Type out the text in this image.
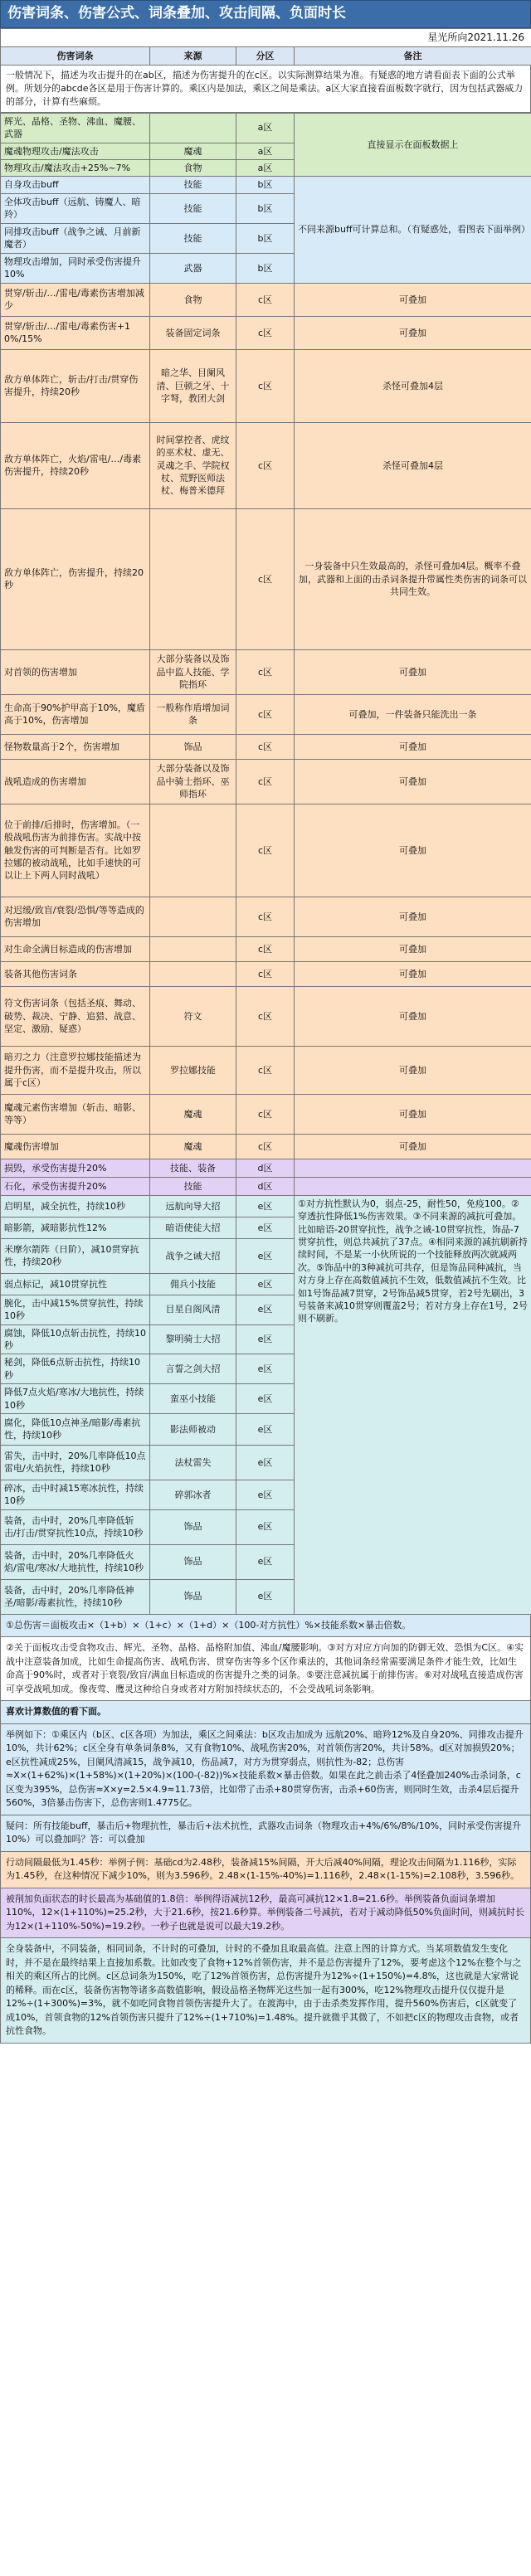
伤害词条、伤害公式、词条叠加、攻击间隔、负面时长
星光所向2021.11.26
伤害词条	来源	分区	备注
一般情况下，描述为攻击提升的在ab区，描述为伤害提升的在c区。以实际测算结果为准。有疑惑的地方请看面表下面的公式举例。所划分的abcde各区是用于伤害计算的。乘区内是加法，乘区之间是乘法。a区大家直接看面板数字就行，因为包括武器威力的部分，计算有些麻烦。
辉光、晶格、圣物、沸血、魔腰、武器		a区	直接显示在面板数据上
魔魂物理攻击/魔法攻击	魔魂	a区	
物理攻击/魔法攻击+25%~7%	食物	a区	
自身攻击buff	技能	b区	不同来源buff可计算总和。（有疑惑处，看图表下面举例）
全体攻击buff（远航、铸魔人、暗羚）	技能	b区	
同排攻击buff（战争之诫、月前新魔者）	技能	b区	
物理攻击增加，同时承受伤害提升10%	武器	b区	
贯穿/斩击/…/雷电/毒素伤害增加减少	食物	c区	可叠加
贯穿/斩击/…/雷电/毒素伤害+10%/15%	装备固定词条	c区	可叠加
敌方单体阵亡，斩击/打击/贯穿伤害提升，持续20秒	暗之华、目阑风清、巨顿之牙、十字弩，教团大剑	c区	杀怪可叠加4层
敌方单体阵亡，火焰/雷电/…/毒素伤害提升，持续20秒	时间掌控者、虎纹的巫术杖、虚无、灵魂之手、学院权杖、荒野医师法杖、梅普米德拜	c区	杀怪可叠加4层
敌方单体阵亡，伤害提升，持续20秒		c区	一身装备中只生效最高的，杀怪可叠加4层。概率不叠加，武器和上面的击杀词条提升带属性类伤害的词条可以共同生效。
对首领的伤害增加	大部分装备以及饰品中监人技能、学院指环	c区	可叠加
生命高于90%护甲高于10%，魔盾高于10%，伤害增加	一般称作盾增加词条	c区	可叠加，一件装备只能洗出一条
怪物数量高于2个，伤害增加	饰品	c区	可叠加
战吼造成的伤害增加	大部分装备以及饰品中骑士指环、巫师指环	c区	可叠加
位于前排/后排时，伤害增加。（一般战吼伤害为前排伤害。实战中按触发伤害的可判断是否有。比如罗拉娜的被动战吼，比如手速快的可以让上下两人同时战吼）		c区	可叠加
对迟缓/致盲/衰裂/恐惧/等等造成的伤害增加		c区	可叠加
对生命全满目标造成的伤害增加		c区	可叠加
装备其他伤害词条		c区	可叠加
符文伤害词条（包括圣痕、舞动、破势、裁决、宁静、追猎、战意、坚定、激励、疑惑）	符文	c区	可叠加
暗刃之力（注意罗拉娜技能描述为提升伤害，而不是提升攻击，所以属于c区）	罗拉娜技能	c区	可叠加
魔魂元素伤害增加（斩击、暗影、等等）	魔魂	c区	可叠加
魔魂伤害增加	魔魂	c区	可叠加
损毁，承受伤害提升20%	技能、装备	d区	
石化，承受伤害提升20%	技能	d区	
启明星，减全抗性，持续10秒	远航向导大招	e区	①对方抗性默认为0，弱点-25，耐性50，免疫100。②穿透抗性降低1%伤害效果。③不同来源的减抗可叠加。比如暗语-20贯穿抗性，战争之诫-10贯穿抗性，饰品-7贯穿抗性，则总共减抗了37点。④相同来源的减抗刷新持续时间，不是某一小伙所说的一个技能释放两次就减两次。⑤饰品中的3种减抗可共存，但是饰品同种减抗，当对方身上存在高数值减抗不生效，低数值减抗不生效。比如1号饰品减7贯穿，2号饰品减5贯穿，若2号先刷出，3号装备来减10贯穿则覆盖2号；若对方身上存在1号，2号则不刷新。
暗影箭，减暗影抗性12%	暗语使徒大招	e区	
米摩尔箭阵（日阶），减10贯穿抗性，持续20秒	战争之诫大招	e区	
弱点标记，减10贯穿抗性	佣兵小技能	e区	
腕化，击中减15%贯穿抗性，持续10秒	目星自阁风清	e区	
腐蚀，降低10点斩击抗性，持续10秒	黎明骑士大招	e区	
秘剑，降低6点斩击抗性，持续10秒	言誓之剑大招	e区	
降低7点火焰/寒冰/大地抗性，持续10秒	蛮巫小技能	e区	
腐化，降低10点神圣/暗影/毒素抗性，持续10秒	影法师被动	e区	
雷失，击中时，20%几率降低10点雷电/火焰抗性，持续10秒	法杖雷失	e区	
碎冰，击中时减15寒冰抗性，持续10秒	碎郭冰者	e区	
装备，击中时，20%几率降低斩击/打击/贯穿抗性10点，持续10秒	饰品	e区	
装备，击中时，20%几率降低火焰/雷电/寒冰/大地抗性，持续10秒	饰品	e区	
装备，击中时，20%几率降低神圣/暗影/毒素抗性，持续10秒	饰品	e区	
①总伤害＝面板攻击×（1+b）×（1+c）×（1+d）×（100-对方抗性）%×技能系数×暴击倍数。
②关于面板攻击受食物攻击、辉光、圣物、晶格、晶格附加值、沸血/魔腰影响。③对方对应方向加的防御无效、恐惧为C区。④实战中注意装备加成，比如生命提高伤害、战吼伤害、贯穿伤害等多个区作乘法的，其他词条经常需要满足条件才能生效，比如生命高于90%时，或者对于衰裂/致盲/满血目标造成的伤害提升之类的词条。⑤要注意减抗属于前排伤害。⑥对对战吼直接造成伤害可享受战吼加成。像夜莺、鹰灵这种给自身或者对方附加持续状态的，不会受战吼词条影响。
喜欢计算数值的看下面。
举例如下：①乘区内（b区、c区各项）为加法，乘区之间乘法：b区攻击加成为 远航20%、暗羚12%及自身20%、同排攻击提升10%，共计62%；c区全身有单条词条8%，又有食物10%、战吼伤害20%，对首领伤害20%，共计58%。d区对加损毁20%；e区抗性减成25%，目阑风清减15，战争减10，伤品减7，对方为贯穿弱点，则抗性为-82；总伤害≈X×(1+62%)×(1+58%)×(1+20%)×(100-(-82))%×技能系数×暴击倍数。如果在此之前击杀了4怪叠加240%击杀词条，c区变为395%，总伤害≈X×y=2.5×4.9≈11.73倍，比如带了击杀+80贯穿伤害，击杀+60伤害，则同时生效，击杀4层后提升560%，3倍暴击伤害下，总伤害则1.4775亿。
疑问：所有技能buff，暴击后+物理抗性，暴击后+法术抗性，武器攻击词条（物理攻击+4%/6%/8%/10%，同时承受伤害提升10%）可以叠加吗？答：可以叠加
行动间隔最低为1.45秒：举例子例：基础cd为2.48秒，装备减15%间隔，开大后减40%间隔，理论攻击间隔为1.116秒，实际为1.45秒，在这种情况下减少10%，则为3.596秒。2.48×(1-15%-40%)=1.116秒，2.48×(1-15%)=2.108秒，3.596秒。
被削加负面状态的时长最高为基础值的1.8倍：举例得语减抗12秒，最高可减抗12×1.8=21.6秒。举例装备负面词条增加110%，12×(1+110%)=25.2秒，大于21.6秒，按21.6秒算。举例装备二号减抗，若对于减动降低50%负面时间，则减抗时长为12×(1+110%-50%)=19.2秒。一秒子也就是说可以最大19.2秒。
全身装备中，不同装备，相同词条，不计时的可叠加，计时的不叠加且取最高值。注意上图的计算方式。当某项数值发生变化时，并不是在最终结果上直接加系数。比如改变了食物+12%首领伤害，并不是总伤害提升了12%，要考虑这个12%在整个与之相关的乘区所占的比例。c区总词条为150%，吃了12%首领伤害，总伤害提升为12%÷(1+150%)=4.8%，这也就是大家常说的稀释。而在c区，装备伤害物等诸多高数值影响，假设品格圣物辉光这些加一起有300%，吃12%物理攻击提升仅仅提升是12%÷(1+300%)=3%，就不如吃同食物首领伤害提升大了。在渡海中，由于击杀类发挥作用，提升560%伤害后，c区就变了成10%，首领食物的12%首领伤害只提升了12%÷(1+710%)=1.48%。提升就微乎其微了，不如把c区的物理攻击食物，或者抗性食物。
